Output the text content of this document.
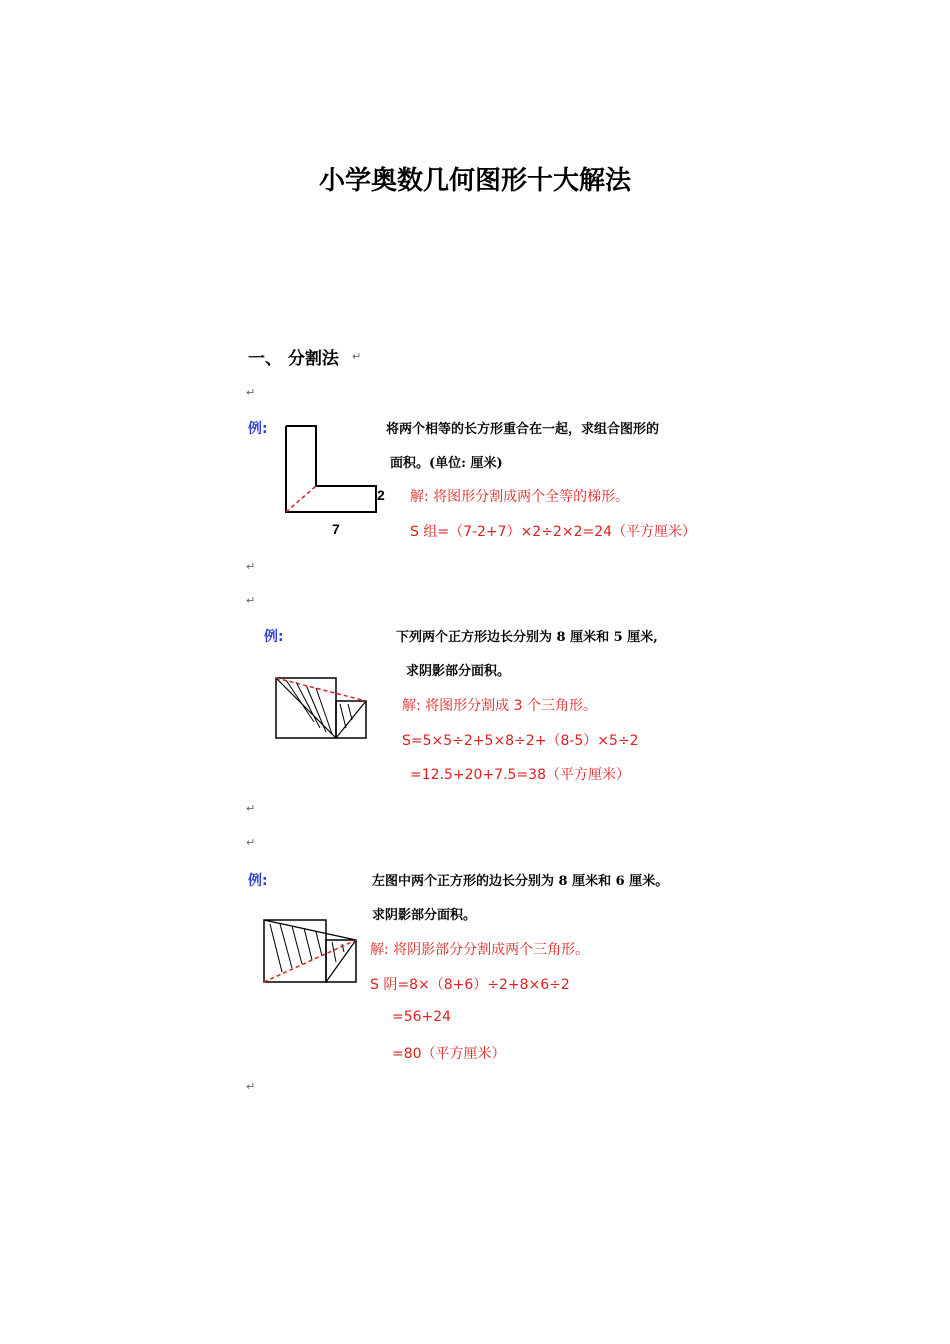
小学奥数几何图形十大解法
一、 分割法 ↵
↵
例:
2
7
将两个相等的长方形重合在一起，求组合图形的
面积。(单位: 厘米)
解: 将图形分割成两个全等的梯形。
S 组=（7-2+7）×2÷2×2=24（平方厘米）
↵
↵
例:	下列两个正方形边长分别为 8 厘米和 5 厘米,
求阴影部分面积。
解: 将图形分割成 3 个三角形。
S=5×5÷2+5×8÷2+（8-5）×5÷2
=12.5+20+7.5=38（平方厘米）
↵
↵
例:	左图中两个正方形的边长分别为 8 厘米和 6 厘米。
求阴影部分面积。
解: 将阴影部分分割成两个三角形。
S 阴=8×（8+6）÷2+8×6÷2
=56+24
=80（平方厘米）
↵
